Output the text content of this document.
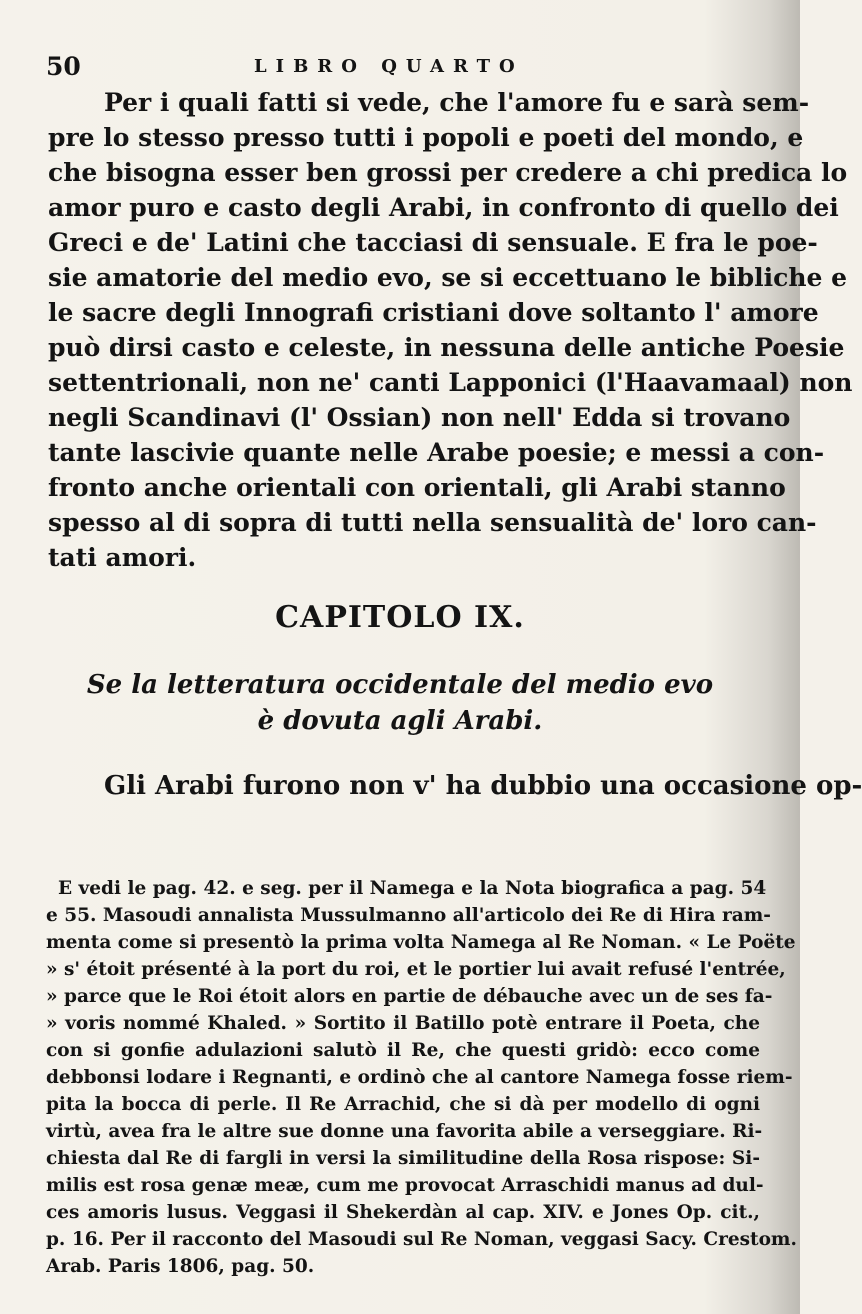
50	LIBRO QUARTO
Per i quali fatti si vede, che l'amore fu e sarà sem-
pre lo stesso presso tutti i popoli e poeti del mondo, e
che bisogna esser ben grossi per credere a chi predica lo
amor puro e casto degli Arabi, in confronto di quello dei
Greci e de' Latini che tacciasi di sensuale. E fra le poe-
sie amatorie del medio evo, se si eccettuano le bibliche e
le sacre degli Innografi cristiani dove soltanto l' amore
può dirsi casto e celeste, in nessuna delle antiche Poesie
settentrionali, non ne' canti Lapponici (l'Haavamaal) non
negli Scandinavi (l' Ossian) non nell' Edda si trovano
tante lascivie quante nelle Arabe poesie; e messi a con-
fronto anche orientali con orientali, gli Arabi stanno
spesso al di sopra di tutti nella sensualità de' loro can-
tati amori.
CAPITOLO IX.
Se la letteratura occidentale del medio evo
è dovuta agli Arabi.
Gli Arabi furono non v' ha dubbio una occasione op-
E vedi le pag. 42. e seg. per il Namega e la Nota biografica a pag. 54
e 55. Masoudi annalista Mussulmanno all'articolo dei Re di Hira ram-
menta come si presentò la prima volta Namega al Re Noman. « Le Poëte
» s' étoit présenté à la port du roi, et le portier lui avait refusé l'entrée,
» parce que le Roi étoit alors en partie de débauche avec un de ses fa-
» voris nommé Khaled. » Sortito il Batillo potè entrare il Poeta, che
con si gonfie adulazioni salutò il Re, che questi gridò: ecco come
debbonsi lodare i Regnanti, e ordinò che al cantore Namega fosse riem-
pita la bocca di perle. Il Re Arrachid, che si dà per modello di ogni
virtù, avea fra le altre sue donne una favorita abile a verseggiare. Ri-
chiesta dal Re di fargli in versi la similitudine della Rosa rispose: Si-
milis est rosa genæ meæ, cum me provocat Arraschidi manus ad dul-
ces amoris lusus. Veggasi il Shekerdàn al cap. XIV. e Jones Op. cit.,
p. 16. Per il racconto del Masoudi sul Re Noman, veggasi Sacy. Crestom.
Arab. Paris 1806, pag. 50.
